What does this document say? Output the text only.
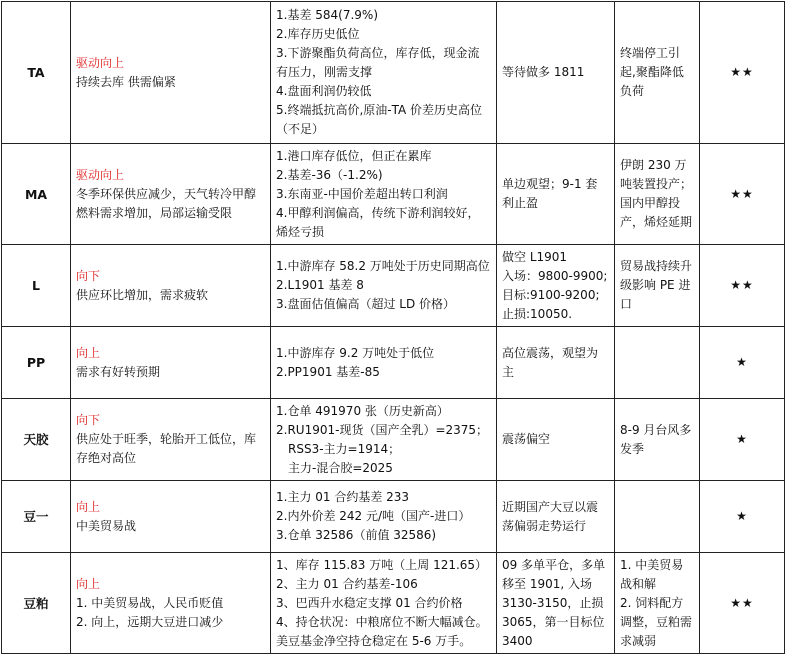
TA	驱动向上
持续去库 供需偏紧	1.基差 584(7.9%)
2.库存历史低位
3.下游聚酯负荷高位，库存低，现金流有压力，刚需支撑
4.盘面利润仍较低
5.终端抵抗高价,原油-TA 价差历史高位（不足）	等待做多 1811	终端停工引起,聚酯降低负荷	★★
MA	驱动向上
冬季环保供应减少，天气转冷甲醇燃料需求增加，局部运输受限	1.港口库存低位，但正在累库
2.基差-36（-1.2%)
3.东南亚-中国价差超出转口利润
4.甲醇利润偏高，传统下游利润较好，烯烃亏损	单边观望；9-1 套利止盈	伊朗 230 万吨装置投产；国内甲醇投产，烯烃延期	★★
L	向下
供应环比增加，需求疲软	1.中游库存 58.2 万吨处于历史同期高位
2.L1901 基差 8
3.盘面估值偏高（超过 LD 价格）	做空 L1901
入场：9800-9900;
目标:9100-9200;
止损:10050.	贸易战持续升级影响 PE 进口	★★
PP	向上
需求有好转预期	1.中游库存 9.2 万吨处于低位
2.PP1901 基差-85	高位震荡，观望为主		★
天胶	向下
供应处于旺季，轮胎开工低位，库存绝对高位	1.仓单 491970 张（历史新高）
2.RU1901-现货（国产全乳）=2375；
RSS3-主力=1914；
主力-混合胶=2025	震荡偏空	8-9 月台风多发季	★
豆一	向上
中美贸易战	1.主力 01 合约基差 233
2.内外价差 242 元/吨（国产-进口）
3.仓单 32586（前值 32586)	近期国产大豆以震荡偏弱走势运行		★
豆粕	向上
1. 中美贸易战，人民币贬值
2. 向上，远期大豆进口减少	1、库存 115.83 万吨（上周 121.65）
2、主力 01 合约基差-106
3、巴西升水稳定支撑 01 合约价格
4、持仓状况：中粮席位不断大幅减仓。美豆基金净空持仓稳定在 5-6 万手。	09 多单平仓，多单移至 1901, 入场 3130-3150，止损 3065，第一目标位 3400	1. 中美贸易战和解
2. 饲料配方调整，豆粕需求减弱	★★
